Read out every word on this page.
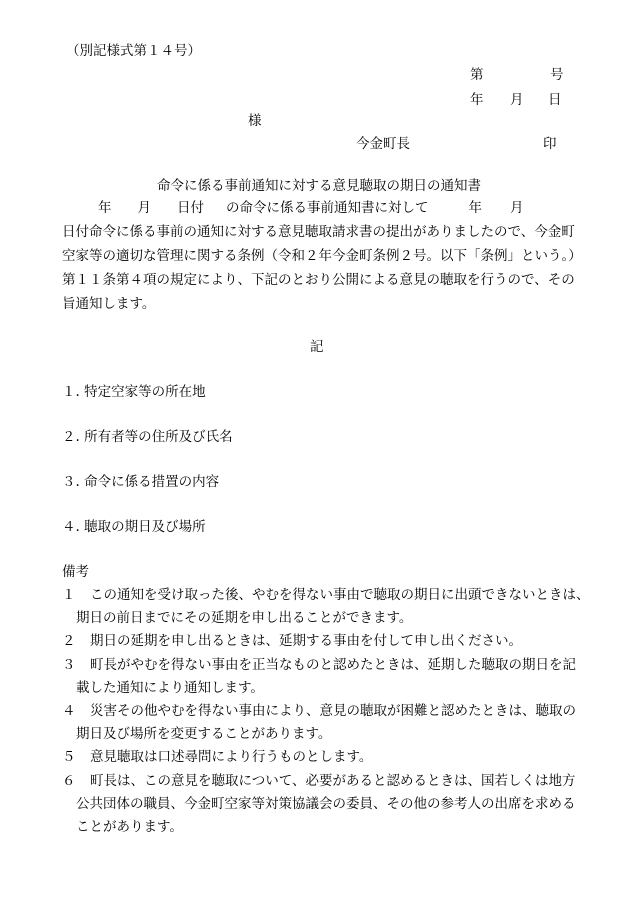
（別記様式第１４号）
第	号
年 月 日
様
今金町長	印
命令に係る事前通知に対する意見聴取の期日の通知書
年 月 日付 の命令に係る事前通知書に対して	年 月
日付命令に係る事前の通知に対する意見聴取請求書の提出がありましたので、今金町
空家等の適切な管理に関する条例（令和２年今金町条例２号。以下「条例」という。）
第１１条第４項の規定により、下記のとおり公開による意見の聴取を行うので、その
旨通知します。
記
１. 特定空家等の所在地
２. 所有者等の住所及び氏名
３. 命令に係る措置の内容
４. 聴取の期日及び場所
備考
１ この通知を受け取った後、やむを得ない事由で聴取の期日に出頭できないときは、
期日の前日までにその延期を申し出ることができます。
２ 期日の延期を申し出るときは、延期する事由を付して申し出ください。
３ 町長がやむを得ない事由を正当なものと認めたときは、延期した聴取の期日を記
載した通知により通知します。
４ 災害その他やむを得ない事由により、意見の聴取が困難と認めたときは、聴取の
期日及び場所を変更することがあります。
５ 意見聴取は口述尋問により行うものとします。
６ 町長は、この意見を聴取について、必要があると認めるときは、国若しくは地方
公共団体の職員、今金町空家等対策協議会の委員、その他の参考人の出席を求める
ことがあります。
